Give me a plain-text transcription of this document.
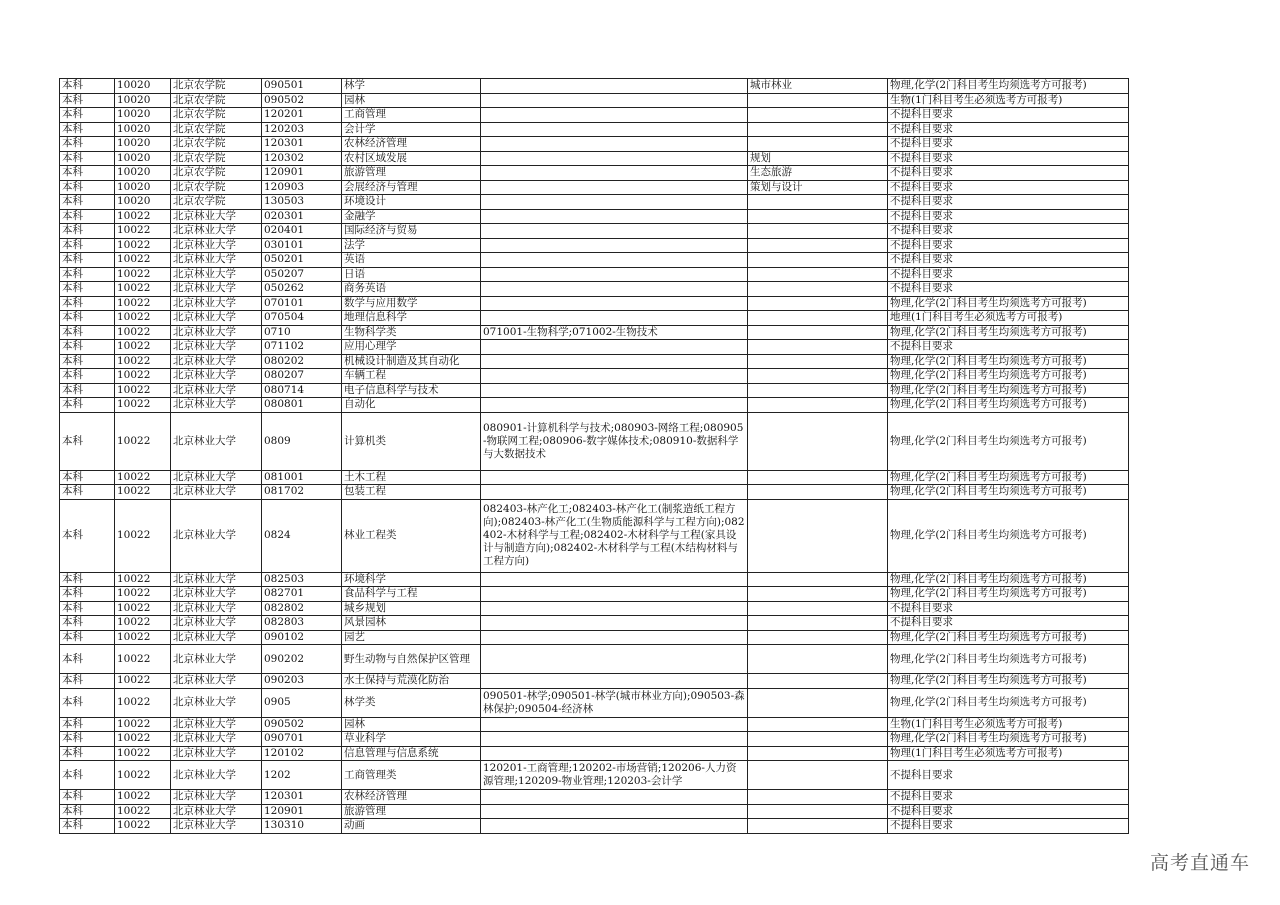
本科	10020	北京农学院	090501	林学		城市林业	物理,化学(2门科目考生均须选考方可报考)
本科	10020	北京农学院	090502	园林			生物(1门科目考生必须选考方可报考)
本科	10020	北京农学院	120201	工商管理			不提科目要求
本科	10020	北京农学院	120203	会计学			不提科目要求
本科	10020	北京农学院	120301	农林经济管理			不提科目要求
本科	10020	北京农学院	120302	农村区域发展		规划	不提科目要求
本科	10020	北京农学院	120901	旅游管理		生态旅游	不提科目要求
本科	10020	北京农学院	120903	会展经济与管理		策划与设计	不提科目要求
本科	10020	北京农学院	130503	环境设计			不提科目要求
本科	10022	北京林业大学	020301	金融学			不提科目要求
本科	10022	北京林业大学	020401	国际经济与贸易			不提科目要求
本科	10022	北京林业大学	030101	法学			不提科目要求
本科	10022	北京林业大学	050201	英语			不提科目要求
本科	10022	北京林业大学	050207	日语			不提科目要求
本科	10022	北京林业大学	050262	商务英语			不提科目要求
本科	10022	北京林业大学	070101	数学与应用数学			物理,化学(2门科目考生均须选考方可报考)
本科	10022	北京林业大学	070504	地理信息科学			地理(1门科目考生必须选考方可报考)
本科	10022	北京林业大学	0710	生物科学类	071001-生物科学;071002-生物技术		物理,化学(2门科目考生均须选考方可报考)
本科	10022	北京林业大学	071102	应用心理学			不提科目要求
本科	10022	北京林业大学	080202	机械设计制造及其自动化			物理,化学(2门科目考生均须选考方可报考)
本科	10022	北京林业大学	080207	车辆工程			物理,化学(2门科目考生均须选考方可报考)
本科	10022	北京林业大学	080714	电子信息科学与技术			物理,化学(2门科目考生均须选考方可报考)
本科	10022	北京林业大学	080801	自动化			物理,化学(2门科目考生均须选考方可报考)
本科	10022	北京林业大学	0809	计算机类	080901-计算机科学与技术;080903-网络工程;080905-物联网工程;080906-数字媒体技术;080910-数据科学与大数据技术		物理,化学(2门科目考生均须选考方可报考)
本科	10022	北京林业大学	081001	土木工程			物理,化学(2门科目考生均须选考方可报考)
本科	10022	北京林业大学	081702	包装工程			物理,化学(2门科目考生均须选考方可报考)
本科	10022	北京林业大学	0824	林业工程类	082403-林产化工;082403-林产化工(制浆造纸工程方向);082403-林产化工(生物质能源科学与工程方向);082402-木材科学与工程;082402-木材科学与工程(家具设计与制造方向);082402-木材科学与工程(木结构材料与工程方向)		物理,化学(2门科目考生均须选考方可报考)
本科	10022	北京林业大学	082503	环境科学			物理,化学(2门科目考生均须选考方可报考)
本科	10022	北京林业大学	082701	食品科学与工程			物理,化学(2门科目考生均须选考方可报考)
本科	10022	北京林业大学	082802	城乡规划			不提科目要求
本科	10022	北京林业大学	082803	风景园林			不提科目要求
本科	10022	北京林业大学	090102	园艺			物理,化学(2门科目考生均须选考方可报考)
本科	10022	北京林业大学	090202	野生动物与自然保护区管理			物理,化学(2门科目考生均须选考方可报考)
本科	10022	北京林业大学	090203	水土保持与荒漠化防治			物理,化学(2门科目考生均须选考方可报考)
本科	10022	北京林业大学	0905	林学类	090501-林学;090501-林学(城市林业方向);090503-森林保护;090504-经济林		物理,化学(2门科目考生均须选考方可报考)
本科	10022	北京林业大学	090502	园林			生物(1门科目考生必须选考方可报考)
本科	10022	北京林业大学	090701	草业科学			物理,化学(2门科目考生均须选考方可报考)
本科	10022	北京林业大学	120102	信息管理与信息系统			物理(1门科目考生必须选考方可报考)
本科	10022	北京林业大学	1202	工商管理类	120201-工商管理;120202-市场营销;120206-人力资源管理;120209-物业管理;120203-会计学		不提科目要求
本科	10022	北京林业大学	120301	农林经济管理			不提科目要求
本科	10022	北京林业大学	120901	旅游管理			不提科目要求
本科	10022	北京林业大学	130310	动画			不提科目要求
高考直通车
